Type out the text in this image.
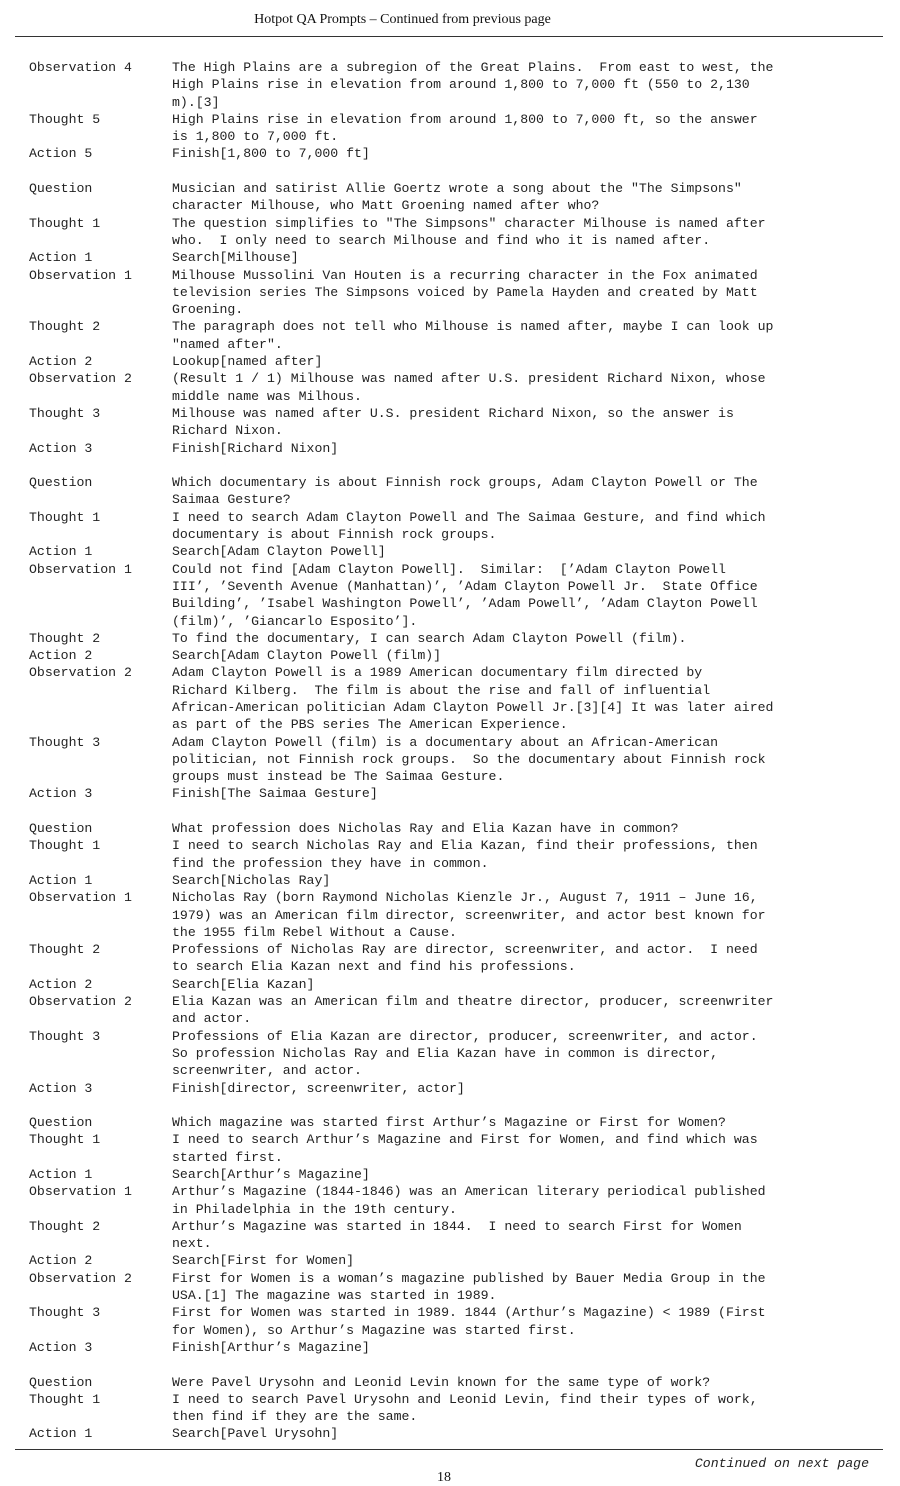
Hotpot QA Prompts – Continued from previous page
Observation 4	The High Plains are a subregion of the Great Plains.  From east to west, the
High Plains rise in elevation from around 1,800 to 7,000 ft (550 to 2,130
m).[3]
Thought 5	High Plains rise in elevation from around 1,800 to 7,000 ft, so the answer
is 1,800 to 7,000 ft.
Action 5	Finish[1,800 to 7,000 ft]
Question	Musician and satirist Allie Goertz wrote a song about the "The Simpsons"
character Milhouse, who Matt Groening named after who?
Thought 1	The question simplifies to "The Simpsons" character Milhouse is named after
who.  I only need to search Milhouse and find who it is named after.
Action 1	Search[Milhouse]
Observation 1	Milhouse Mussolini Van Houten is a recurring character in the Fox animated
television series The Simpsons voiced by Pamela Hayden and created by Matt
Groening.
Thought 2	The paragraph does not tell who Milhouse is named after, maybe I can look up
"named after".
Action 2	Lookup[named after]
Observation 2	(Result 1 / 1) Milhouse was named after U.S. president Richard Nixon, whose
middle name was Milhous.
Thought 3	Milhouse was named after U.S. president Richard Nixon, so the answer is
Richard Nixon.
Action 3	Finish[Richard Nixon]
Question	Which documentary is about Finnish rock groups, Adam Clayton Powell or The
Saimaa Gesture?
Thought 1	I need to search Adam Clayton Powell and The Saimaa Gesture, and find which
documentary is about Finnish rock groups.
Action 1	Search[Adam Clayton Powell]
Observation 1	Could not find [Adam Clayton Powell].  Similar:  [’Adam Clayton Powell
III’, ’Seventh Avenue (Manhattan)’, ’Adam Clayton Powell Jr.  State Office
Building’, ’Isabel Washington Powell’, ’Adam Powell’, ’Adam Clayton Powell
(film)’, ’Giancarlo Esposito’].
Thought 2	To find the documentary, I can search Adam Clayton Powell (film).
Action 2	Search[Adam Clayton Powell (film)]
Observation 2	Adam Clayton Powell is a 1989 American documentary film directed by
Richard Kilberg.  The film is about the rise and fall of influential
African-American politician Adam Clayton Powell Jr.[3][4] It was later aired
as part of the PBS series The American Experience.
Thought 3	Adam Clayton Powell (film) is a documentary about an African-American
politician, not Finnish rock groups.  So the documentary about Finnish rock
groups must instead be The Saimaa Gesture.
Action 3	Finish[The Saimaa Gesture]
Question	What profession does Nicholas Ray and Elia Kazan have in common?
Thought 1	I need to search Nicholas Ray and Elia Kazan, find their professions, then
find the profession they have in common.
Action 1	Search[Nicholas Ray]
Observation 1	Nicholas Ray (born Raymond Nicholas Kienzle Jr., August 7, 1911 – June 16,
1979) was an American film director, screenwriter, and actor best known for
the 1955 film Rebel Without a Cause.
Thought 2	Professions of Nicholas Ray are director, screenwriter, and actor.  I need
to search Elia Kazan next and find his professions.
Action 2	Search[Elia Kazan]
Observation 2	Elia Kazan was an American film and theatre director, producer, screenwriter
and actor.
Thought 3	Professions of Elia Kazan are director, producer, screenwriter, and actor.
So profession Nicholas Ray and Elia Kazan have in common is director,
screenwriter, and actor.
Action 3	Finish[director, screenwriter, actor]
Question	Which magazine was started first Arthur’s Magazine or First for Women?
Thought 1	I need to search Arthur’s Magazine and First for Women, and find which was
started first.
Action 1	Search[Arthur’s Magazine]
Observation 1	Arthur’s Magazine (1844-1846) was an American literary periodical published
in Philadelphia in the 19th century.
Thought 2	Arthur’s Magazine was started in 1844.  I need to search First for Women
next.
Action 2	Search[First for Women]
Observation 2	First for Women is a woman’s magazine published by Bauer Media Group in the
USA.[1] The magazine was started in 1989.
Thought 3	First for Women was started in 1989. 1844 (Arthur’s Magazine) < 1989 (First
for Women), so Arthur’s Magazine was started first.
Action 3	Finish[Arthur’s Magazine]
Question	Were Pavel Urysohn and Leonid Levin known for the same type of work?
Thought 1	I need to search Pavel Urysohn and Leonid Levin, find their types of work,
then find if they are the same.
Action 1	Search[Pavel Urysohn]
Continued on next page
18
